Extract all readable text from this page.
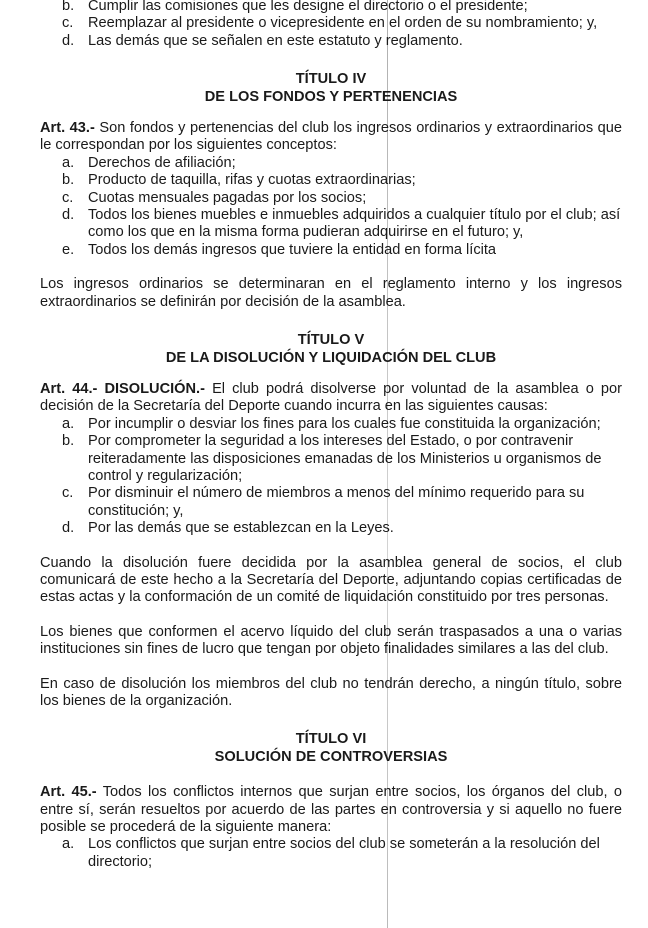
b. Cumplir las comisiones que les designe el directorio o el presidente;
c. Reemplazar al presidente o vicepresidente en el orden de su nombramiento; y,
d. Las demás que se señalen en este estatuto y reglamento.
TÍTULO IV
DE LOS FONDOS Y PERTENENCIAS

Art. 43.- Son fondos y pertenencias del club los ingresos ordinarios y extraordinarios que le correspondan por los siguientes conceptos:

a. Derechos de afiliación;
b. Producto de taquilla, rifas y cuotas extraordinarias;
c. Cuotas mensuales pagadas por los socios;
d. Todos los bienes muebles e inmuebles adquiridos a cualquier título por el club; así como los que en la misma forma pudieran adquirirse en el futuro; y,
e. Todos los demás ingresos que tuviere la entidad en forma lícita

Los ingresos ordinarios se determinaran en el reglamento interno y los ingresos extraordinarios se definirán por decisión de la asamblea.

TÍTULO V
DE LA DISOLUCIÓN Y LIQUIDACIÓN DEL CLUB

Art. 44.- DISOLUCIÓN.- El club podrá disolverse por voluntad de la asamblea o por decisión de la Secretaría del Deporte cuando incurra en las siguientes causas:

a. Por incumplir o desviar los fines para los cuales fue constituida la organización;
b. Por comprometer la seguridad a los intereses del Estado, o por contravenir reiteradamente las disposiciones emanadas de los Ministerios u organismos de control y regularización;
c. Por disminuir el número de miembros a menos del mínimo requerido para su constitución; y,
d. Por las demás que se establezcan en la Leyes.

Cuando la disolución fuere decidida por la asamblea general de socios, el club comunicará de este hecho a la Secretaría del Deporte, adjuntando copias certificadas de estas actas y la conformación de un comité de liquidación constituido por tres personas.

Los bienes que conformen el acervo líquido del club serán traspasados a una o varias instituciones sin fines de lucro que tengan por objeto finalidades similares a las del club.

En caso de disolución los miembros del club no tendrán derecho, a ningún título, sobre los bienes de la organización.

TÍTULO VI
SOLUCIÓN DE CONTROVERSIAS

Art. 45.- Todos los conflictos internos que surjan entre socios, los órganos del club, o entre sí, serán resueltos por acuerdo de las partes en controversia y si aquello no fuere posible se procederá de la siguiente manera:

a. Los conflictos que surjan entre socios del club se someterán a la resolución del directorio;
